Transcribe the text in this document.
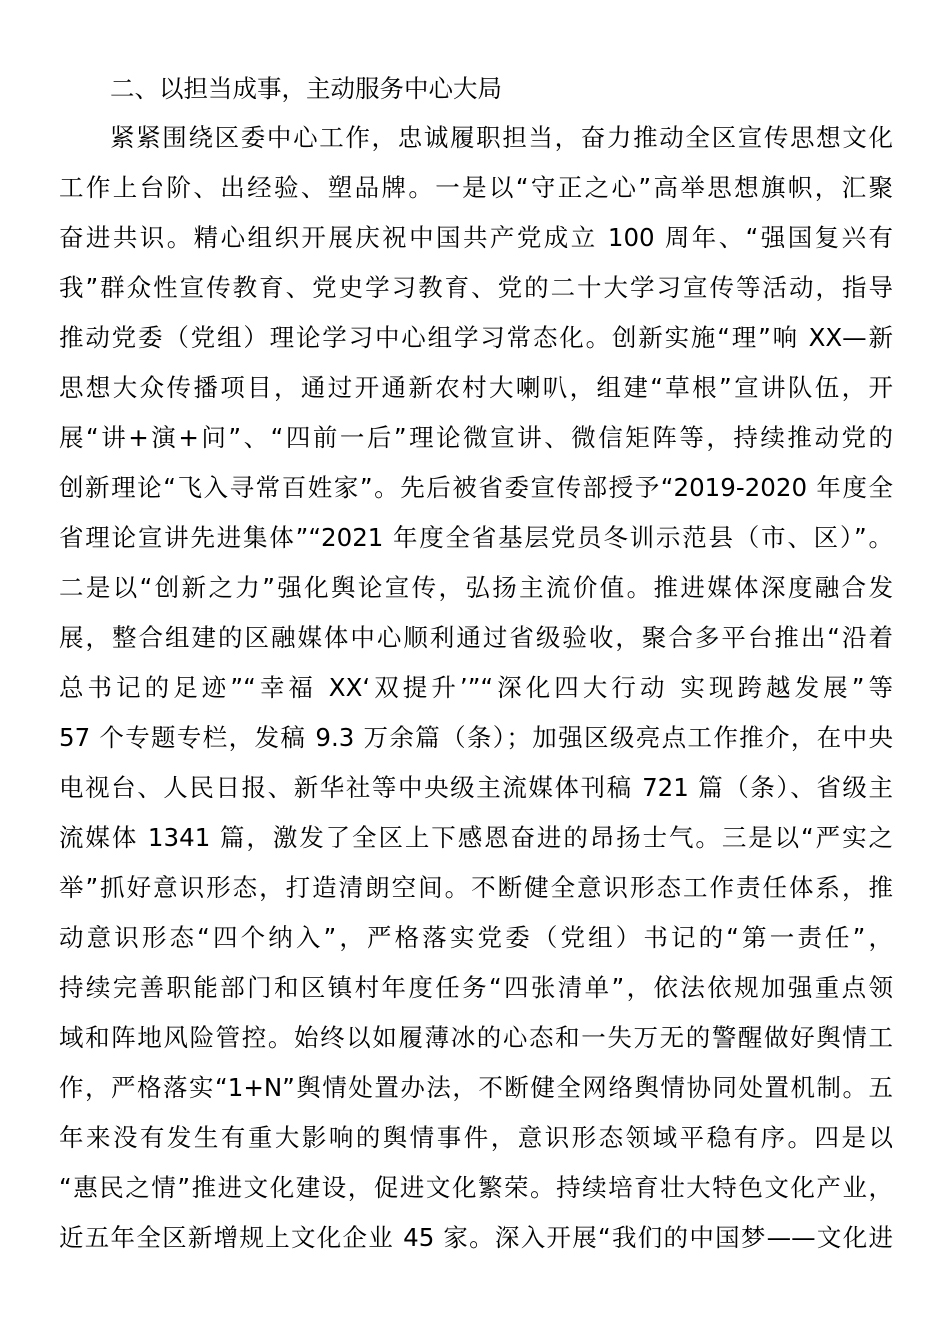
二、以担当成事，主动服务中心大局
紧紧围绕区委中心工作，忠诚履职担当，奋力推动全区宣传思想文化
工作上台阶、出经验、塑品牌。一是以“守正之心”高举思想旗帜，汇聚
奋进共识。精心组织开展庆祝中国共产党成立 100 周年、“强国复兴有
我”群众性宣传教育、党史学习教育、党的二十大学习宣传等活动，指导
推动党委（党组）理论学习中心组学习常态化。创新实施“理”响 XX—新
思想大众传播项目，通过开通新农村大喇叭，组建“草根”宣讲队伍，开
展“讲+演+问”、“四前一后”理论微宣讲、微信矩阵等，持续推动党的
创新理论“飞入寻常百姓家”。先后被省委宣传部授予“2019-2020 年度全
省理论宣讲先进集体”“2021 年度全省基层党员冬训示范县（市、区）”。
二是以“创新之力”强化舆论宣传，弘扬主流价值。推进媒体深度融合发
展，整合组建的区融媒体中心顺利通过省级验收，聚合多平台推出“沿着
总书记的足迹”“幸福 XX‘双提升’”“深化四大行动 实现跨越发展”等
57 个专题专栏，发稿 9.3 万余篇（条）；加强区级亮点工作推介，在中央
电视台、人民日报、新华社等中央级主流媒体刊稿 721 篇（条）、省级主
流媒体 1341 篇，激发了全区上下感恩奋进的昂扬士气。三是以“严实之
举”抓好意识形态，打造清朗空间。不断健全意识形态工作责任体系，推
动意识形态“四个纳入”，严格落实党委（党组）书记的“第一责任”，
持续完善职能部门和区镇村年度任务“四张清单”，依法依规加强重点领
域和阵地风险管控。始终以如履薄冰的心态和一失万无的警醒做好舆情工
作，严格落实“1+N”舆情处置办法，不断健全网络舆情协同处置机制。五
年来没有发生有重大影响的舆情事件，意识形态领域平稳有序。四是以
“惠民之情”推进文化建设，促进文化繁荣。持续培育壮大特色文化产业，
近五年全区新增规上文化企业 45 家。深入开展“我们的中国梦——文化进
